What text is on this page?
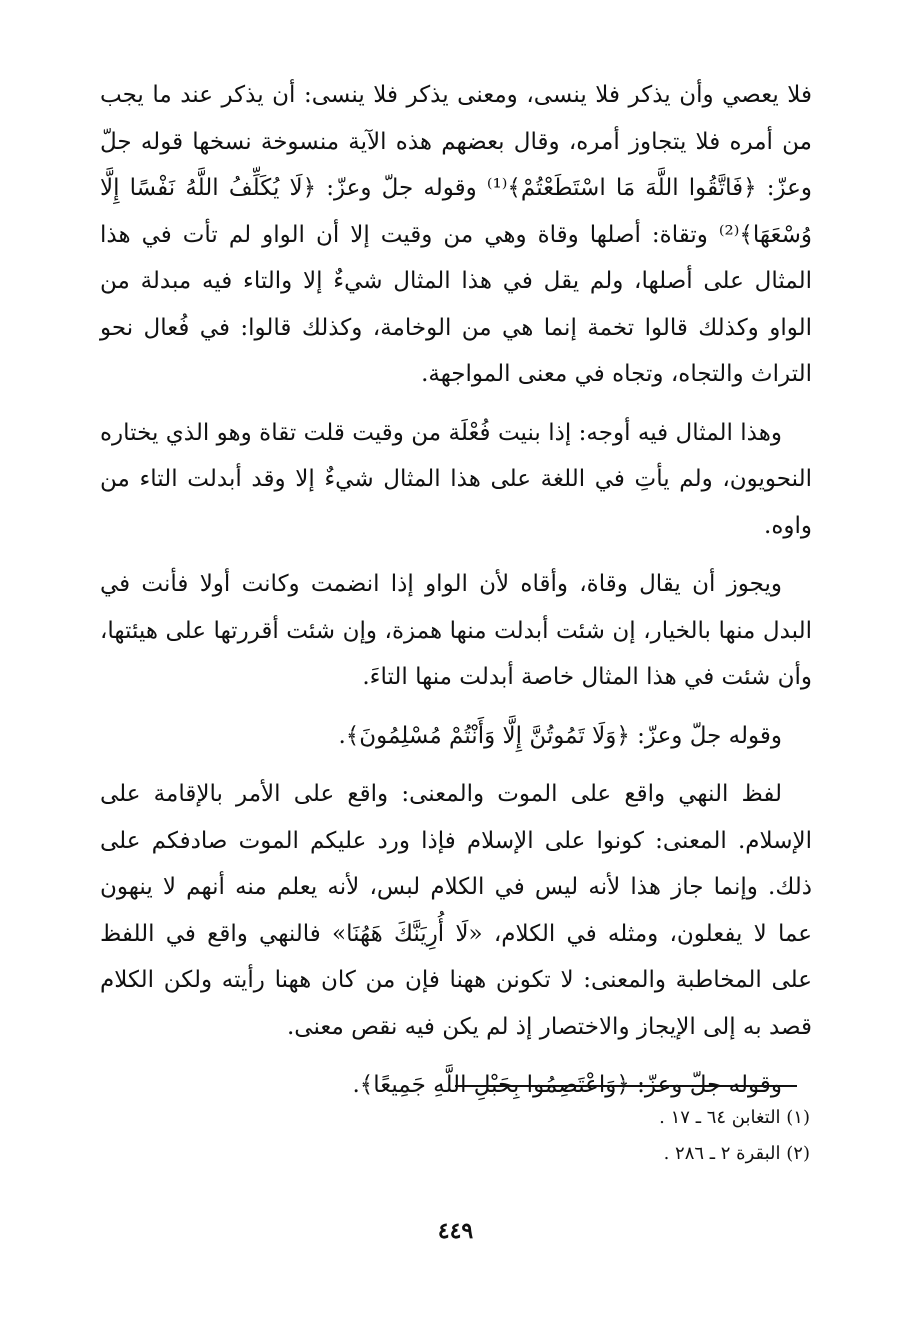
فلا يعصي وأن يذكر فلا ينسى، ومعنى يذكر فلا ينسى: أن يذكر عند ما يجب من أمره فلا يتجاوز أمره، وقال بعضهم هذه الآية منسوخة نسخها قوله جلّ وعزّ: ﴿فَاتَّقُوا اللَّهَ مَا اسْتَطَعْتُمْ﴾⁽¹⁾ وقوله جلّ وعزّ: ﴿لَا يُكَلِّفُ اللَّهُ نَفْسًا إِلَّا وُسْعَهَا﴾⁽²⁾ وتقاة: أصلها وقاة وهي من وقيت إلا أن الواو لم تأت في هذا المثال على أصلها، ولم يقل في هذا المثال شيءٌ إلا والتاء فيه مبدلة من الواو وكذلك قالوا تخمة إنما هي من الوخامة، وكذلك قالوا: في فُعال نحو التراث والتجاه، وتجاه في معنى المواجهة.

وهذا المثال فيه أوجه: إذا بنيت فُعْلَة من وقيت قلت تقاة وهو الذي يختاره النحويون، ولم يأتِ في اللغة على هذا المثال شيءٌ إلا وقد أبدلت التاء من واوه.

ويجوز أن يقال وقاة، وأقاه لأن الواو إذا انضمت وكانت أولا فأنت في البدل منها بالخيار، إن شئت أبدلت منها همزة، وإن شئت أقررتها على هيئتها، وأن شئت في هذا المثال خاصة أبدلت منها التاءَ.

وقوله جلّ وعزّ: ﴿وَلَا تَمُوتُنَّ إِلَّا وَأَنْتُمْ مُسْلِمُونَ﴾.

لفظ النهي واقع على الموت والمعنى: واقع على الأمر بالإقامة على الإسلام. المعنى: كونوا على الإسلام فإذا ورد عليكم الموت صادفكم على ذلك. وإنما جاز هذا لأنه ليس في الكلام لبس، لأنه يعلم منه أنهم لا ينهون عما لا يفعلون، ومثله في الكلام، «لَا أُرِيَنَّكَ هَهُنَا» فالنهي واقع في اللفظ على المخاطبة والمعنى: لا تكونن ههنا فإن من كان ههنا رأيته ولكن الكلام قصد به إلى الإيجاز والاختصار إذ لم يكن فيه نقص معنى.

وقوله جلّ وعزّ: ﴿وَاعْتَصِمُوا بِحَبْلِ اللَّهِ جَمِيعًا﴾.

(١) التغابن ٦٤ ـ ١٧ .

(٢) البقرة ٢ ـ ٢٨٦ .

٤٤٩
